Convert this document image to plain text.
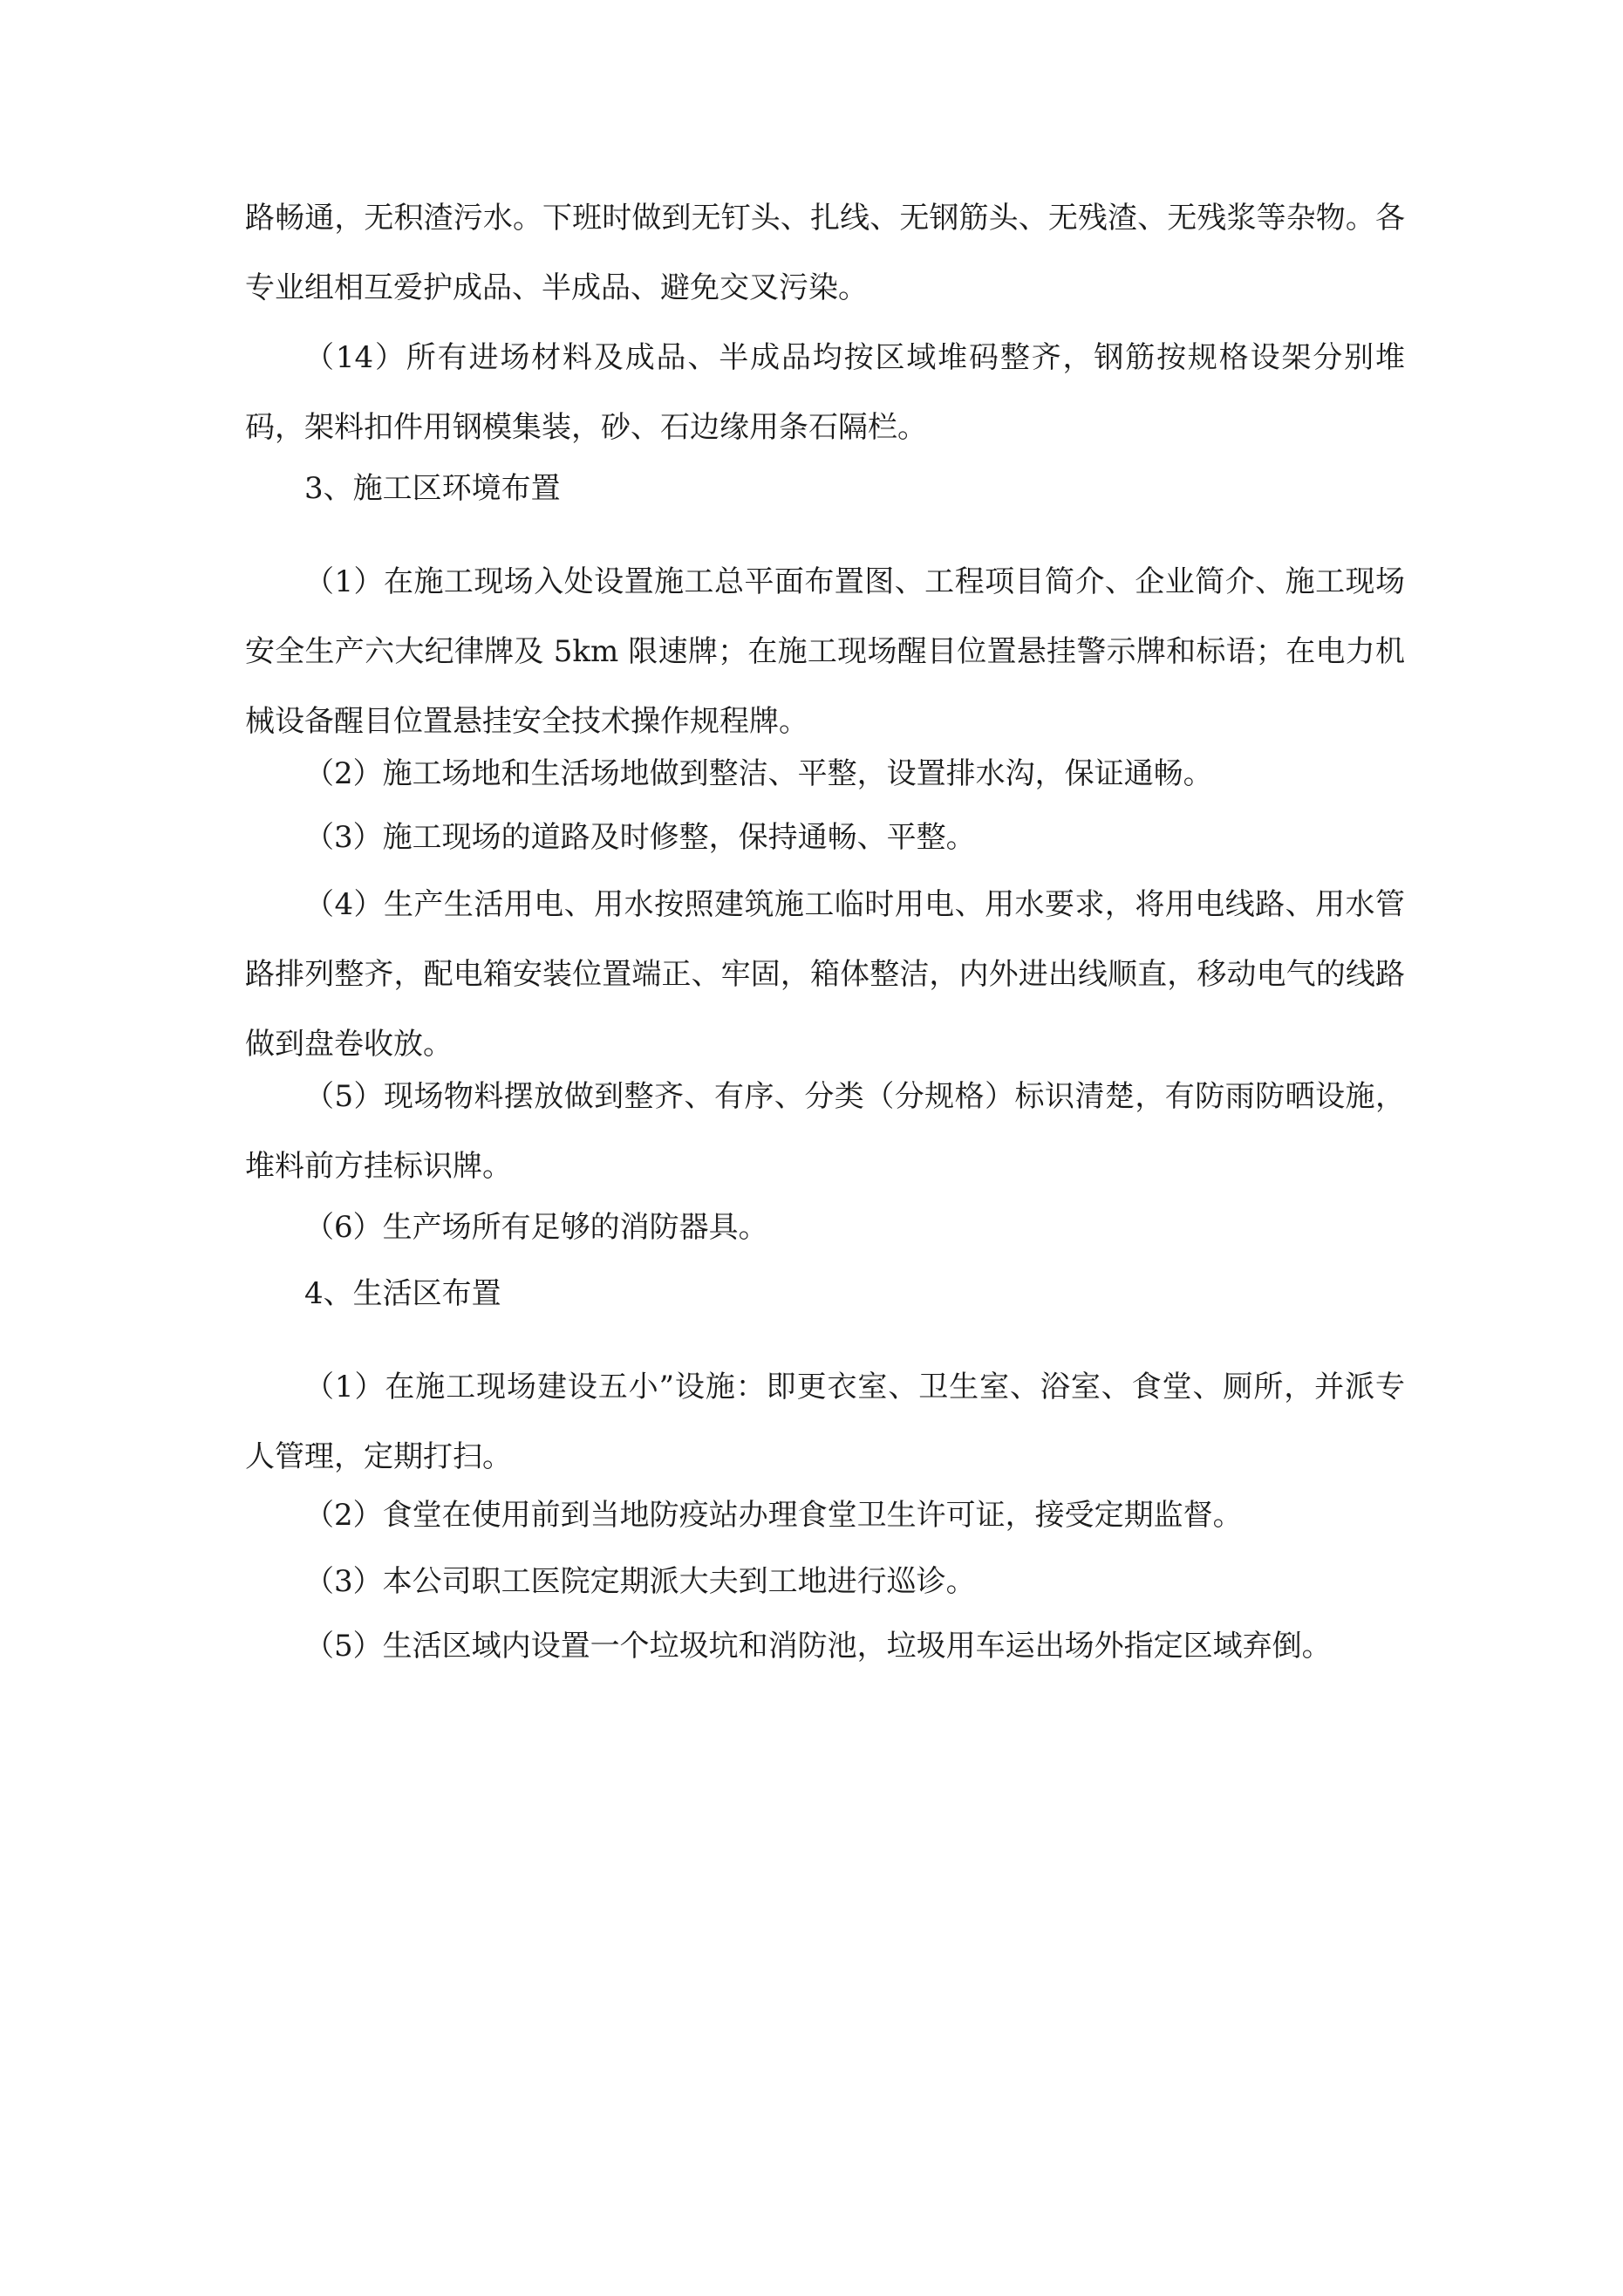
路畅通，无积渣污水。下班时做到无钉头、扎线、无钢筋头、无残渣、无残浆等杂物。各专业组相互爱护成品、半成品、避免交叉污染。

（14）所有进场材料及成品、半成品均按区域堆码整齐，钢筋按规格设架分别堆码，架料扣件用钢模集装，砂、石边缘用条石隔栏。

3、施工区环境布置

（1）在施工现场入处设置施工总平面布置图、工程项目简介、企业简介、施工现场安全生产六大纪律牌及 5km 限速牌；在施工现场醒目位置悬挂警示牌和标语；在电力机械设备醒目位置悬挂安全技术操作规程牌。

（2）施工场地和生活场地做到整洁、平整，设置排水沟，保证通畅。

（3）施工现场的道路及时修整，保持通畅、平整。

（4）生产生活用电、用水按照建筑施工临时用电、用水要求，将用电线路、用水管路排列整齐，配电箱安装位置端正、牢固，箱体整洁，内外进出线顺直，移动电气的线路做到盘卷收放。

（5）现场物料摆放做到整齐、有序、分类（分规格）标识清楚，有防雨防晒设施，堆料前方挂标识牌。

（6）生产场所有足够的消防器具。

4、生活区布置

（1）在施工现场建设五小”设施：即更衣室、卫生室、浴室、食堂、厕所，并派专人管理，定期打扫。

（2）食堂在使用前到当地防疫站办理食堂卫生许可证，接受定期监督。

（3）本公司职工医院定期派大夫到工地进行巡诊。

（5）生活区域内设置一个垃圾坑和消防池，垃圾用车运出场外指定区域弃倒。
